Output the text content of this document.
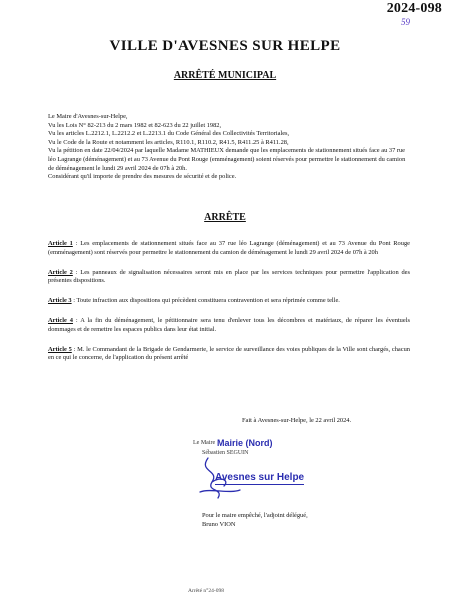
2024-098
59
VILLE D'AVESNES SUR HELPE
ARRÊTÉ MUNICIPAL

Le Maire d'Avesnes-sur-Helpe,

Vu les Lois N° 82-213 du 2 mars 1982 et 82-623 du 22 juillet 1982,

Vu les articles L.2212.1, L.2212.2 et L.2213.1 du Code Général des Collectivités Territoriales,

Vu le Code de la Route et notamment les articles, R110.1, R110.2, R41.5, R411.25 à R411.28,

Vu la pétition en date 22/04/2024 par laquelle Madame MATHIEUX demande que les emplacements de stationnement situés face au 37 rue léo Lagrange (déménagement) et au 73 Avenue du Pont Rouge (emménagement) soient réservés pour permettre le stationnement du camion de déménagement le lundi 29 avril 2024 de 07h à 20h.

Considérant qu'il importe de prendre des mesures de sécurité et de police.

ARRÊTE

Article 1 : Les emplacements de stationnement situés face au 37 rue léo Lagrange (déménagement) et au 73 Avenue du Pont Rouge (emménagement) sont réservés pour permettre le stationnement du camion de déménagement le lundi 29 avril 2024 de 07h à 20h

Article 2 : Les panneaux de signalisation nécessaires seront mis en place par les services techniques pour permettre l'application des présentes dispositions.

Article 3 : Toute infraction aux dispositions qui précèdent constituera contravention et sera réprimée comme telle.

Article 4 : A la fin du déménagement, le pétitionnaire sera tenu d'enlever tous les décombres et matériaux, de réparer les éventuels dommages et de remettre les espaces publics dans leur état initial.

Article 5 : M. le Commandant de la Brigade de Gendarmerie, le service de surveillance des voies publiques de la Ville sont chargés, chacun en ce qui le concerne, de l'application du présent arrêté

Fait à Avesnes-sur-Helpe, le 22 avril 2024.
Le Maire Mairie (Nord)
Sébastien SEGUIN
Avesnes sur Helpe
Pour le maire empêché, l'adjoint délégué,
Bruno VION
Arrêté n°24-098
